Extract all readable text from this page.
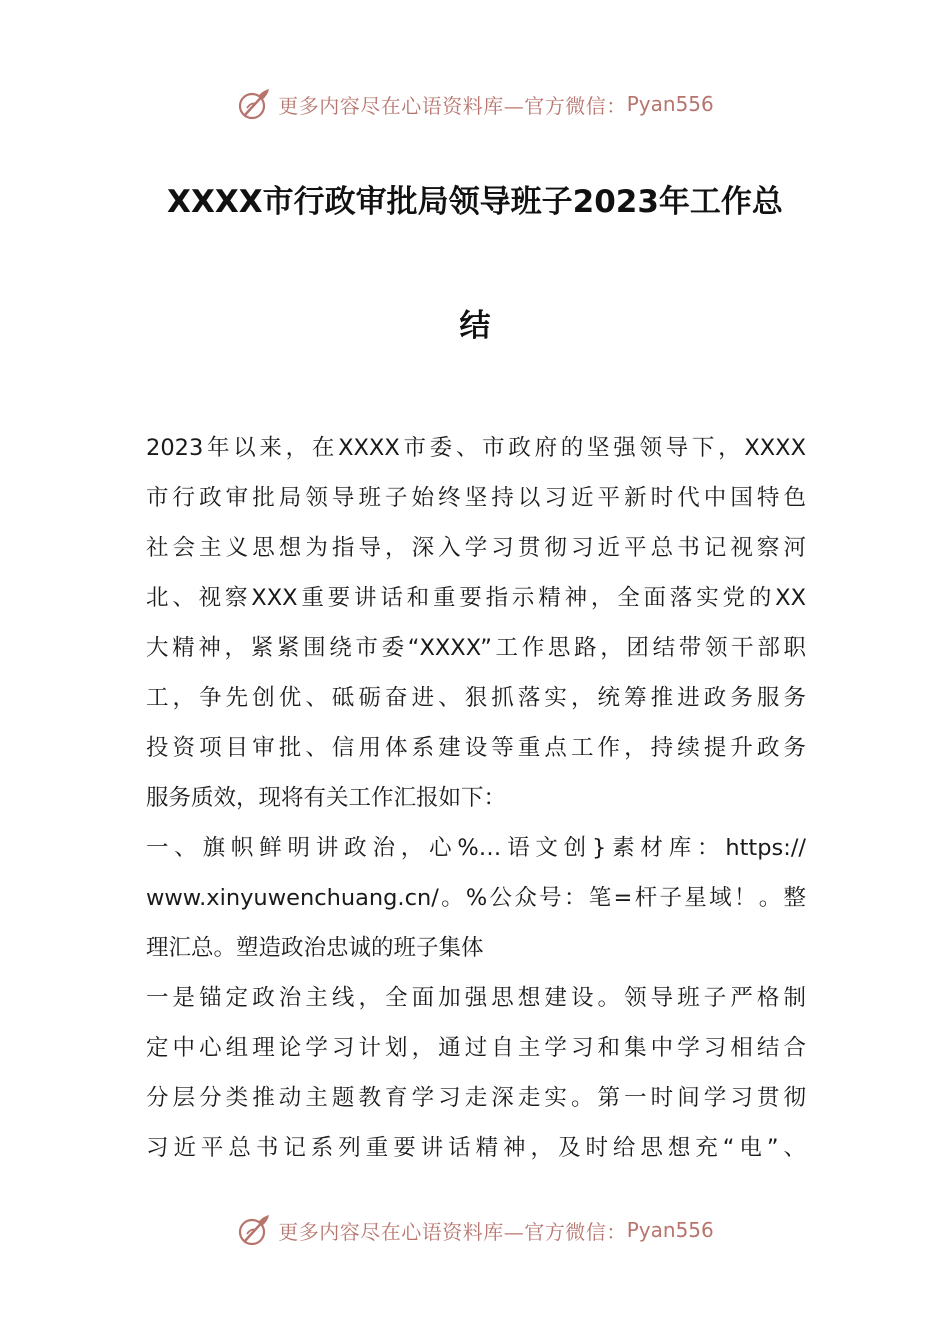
更多内容尽在心语资料库—官方微信： Pyan556
XXXX市行政审批局领导班子2023年工作总
结
2023年以来，在XXXX市委、市政府的坚强领导下，XXXX
市行政审批局领导班子始终坚持以习近平新时代中国特色
社会主义思想为指导，深入学习贯彻习近平总书记视察河
北、视察XXX重要讲话和重要指示精神，全面落实党的XX
大精神，紧紧围绕市委“XXXX”工作思路，团结带领干部职
工，争先创优、砥砺奋进、狠抓落实，统筹推进政务服务
投资项目审批、信用体系建设等重点工作，持续提升政务
服务质效，现将有关工作汇报如下：
一、旗帜鲜明讲政治，心%…语文创}素材库：https://
www.xinyuwenchuang.cn/。%公众号：笔=杆子星域！。整
理汇总。塑造政治忠诚的班子集体
一是锚定政治主线，全面加强思想建设。领导班子严格制
定中心组理论学习计划，通过自主学习和集中学习相结合
分层分类推动主题教育学习走深走实。第一时间学习贯彻
习近平总书记系列重要讲话精神，及时给思想充“电”、
更多内容尽在心语资料库—官方微信： Pyan556
